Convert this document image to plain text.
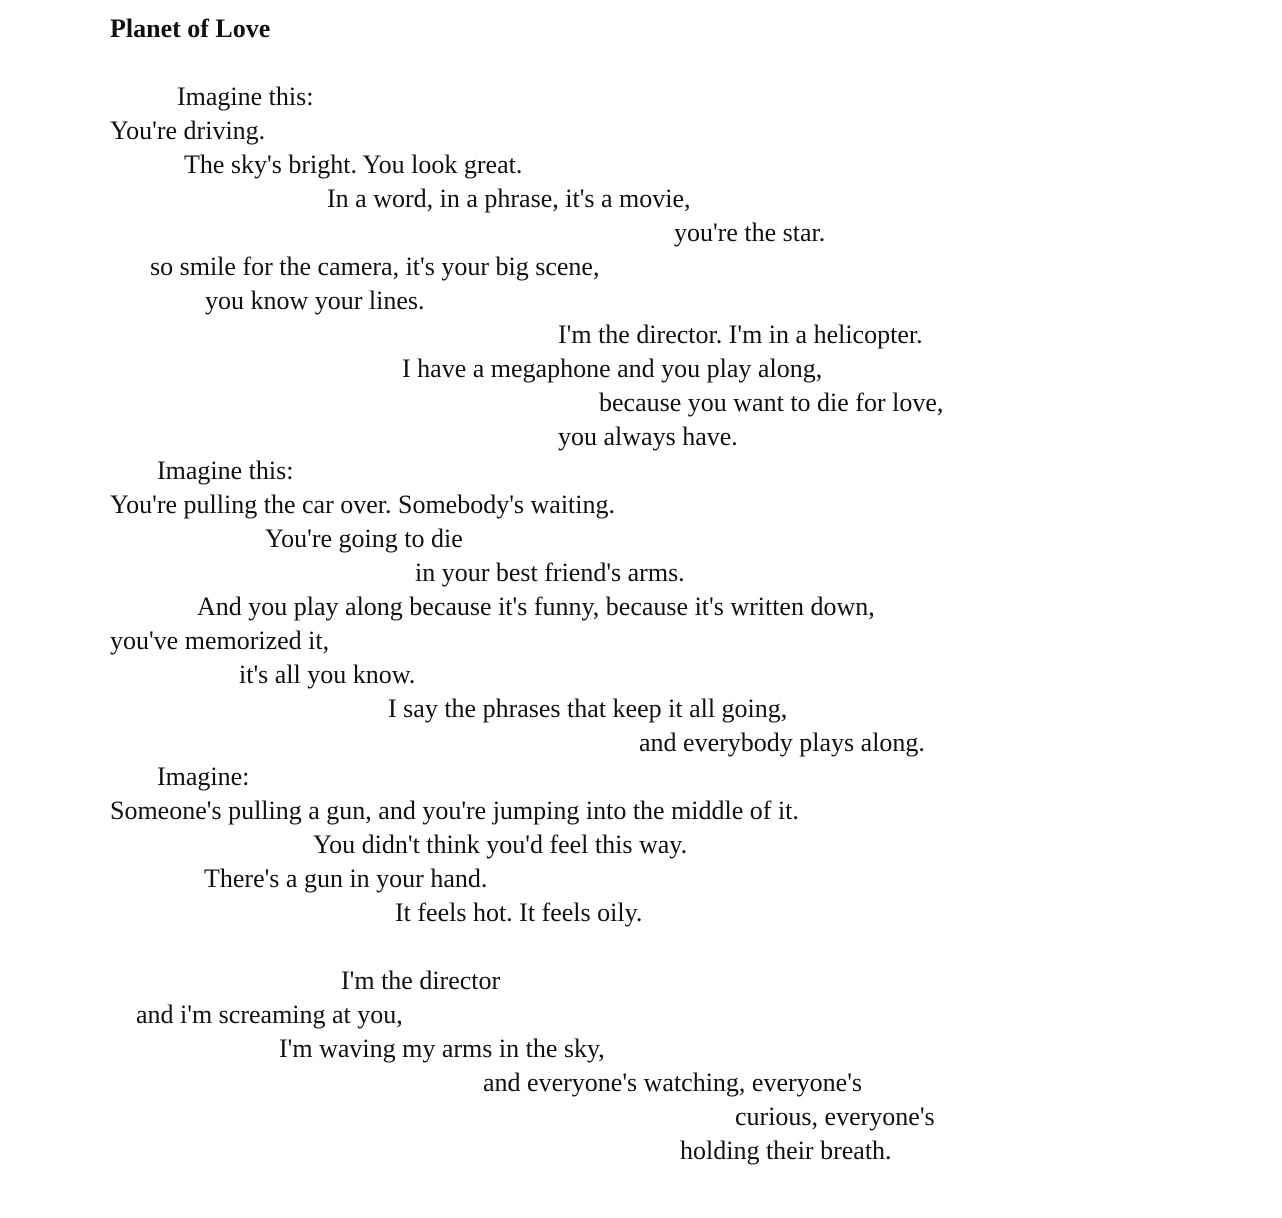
Planet of Love
Imagine this:
You're driving.
The sky's bright. You look great.
In a word, in a phrase, it's a movie,
you're the star.
so smile for the camera, it's your big scene,
you know your lines.
I'm the director. I'm in a helicopter.
I have a megaphone and you play along,
because you want to die for love,
you always have.
Imagine this:
You're pulling the car over. Somebody's waiting.
You're going to die
in your best friend's arms.
And you play along because it's funny, because it's written down,
you've memorized it,
it's all you know.
I say the phrases that keep it all going,
and everybody plays along.
Imagine:
Someone's pulling a gun, and you're jumping into the middle of it.
You didn't think you'd feel this way.
There's a gun in your hand.
It feels hot. It feels oily.
I'm the director
and i'm screaming at you,
I'm waving my arms in the sky,
and everyone's watching, everyone's
curious, everyone's
holding their breath.
